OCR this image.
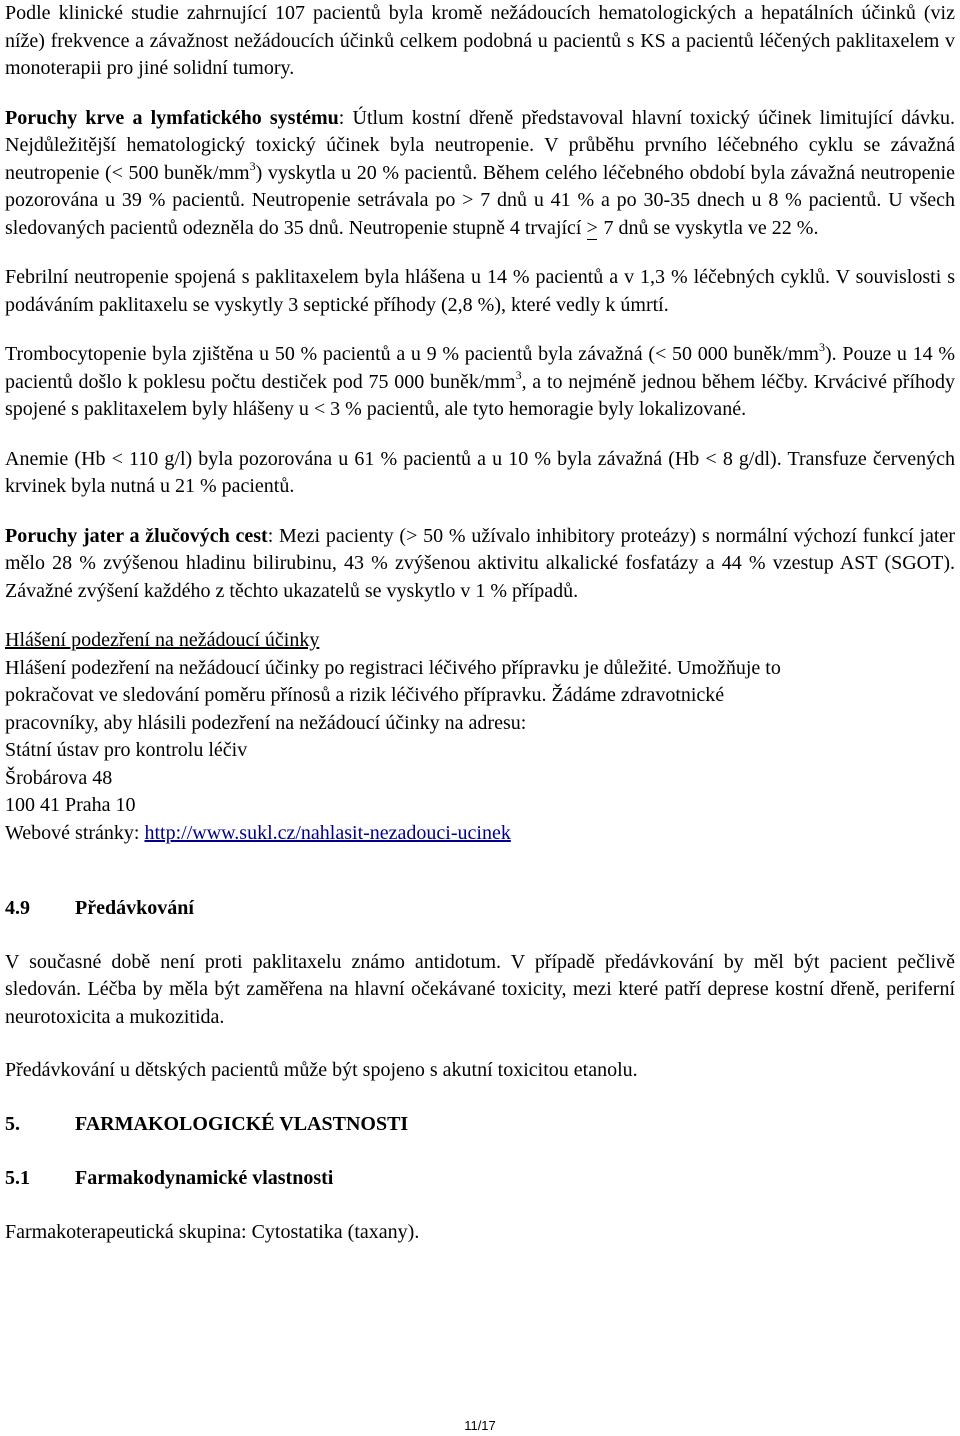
Podle klinické studie zahrnující 107 pacientů byla kromě nežádoucích hematologických a hepatálních účinků (viz níže) frekvence a závažnost nežádoucích účinků celkem podobná u pacientů s KS a pacientů léčených paklitaxelem v monoterapii pro jiné solidní tumory.

Poruchy krve a lymfatického systému: Útlum kostní dřeně představoval hlavní toxický účinek limitující dávku. Nejdůležitější hematologický toxický účinek byla neutropenie. V průběhu prvního léčebného cyklu se závažná neutropenie (< 500 buněk/$mm^3$) vyskytla u 20 % pacientů. Během celého léčebného období byla závažná neutropenie pozorována u 39 % pacientů. Neutropenie setrávala po > 7 dnů u 41 % a po 30-35 dnech u 8 % pacientů. U všech sledovaných pacientů odezněla do 35 dnů. Neutropenie stupně 4 trvající > 7 dnů se vyskytla ve 22 %.

Febrilní neutropenie spojená s paklitaxelem byla hlášena u 14 % pacientů a v 1,3 % léčebných cyklů. V souvislosti s podáváním paklitaxelu se vyskytly 3 septické příhody (2,8 %), které vedly k úmrtí.

Trombocytopenie byla zjištěna u 50 % pacientů a u 9 % pacientů byla závažná (< 50 000 buněk/$mm^3$). Pouze u 14 % pacientů došlo k poklesu počtu destiček pod 75 000 buněk/$mm^3$, a to nejméně jednou během léčby. Krvácivé příhody spojené s paklitaxelem byly hlášeny u < 3 % pacientů, ale tyto hemoragie byly lokalizované.

Anemie (Hb < 110 g/l) byla pozorována u 61 % pacientů a u 10 % byla závažná (Hb < 8 g/dl). Transfuze červených krvinek byla nutná u 21 % pacientů.

Poruchy jater a žlučových cest: Mezi pacienty (> 50 % užívalo inhibitory proteázy) s normální výchozí funkcí jater mělo 28 % zvýšenou hladinu bilirubinu, 43 % zvýšenou aktivitu alkalické fosfatázy a 44 % vzestup AST (SGOT). Závažné zvýšení každého z těchto ukazatelů se vyskytlo v 1 % případů.

Hlášení podezření na nežádoucí účinky
Hlášení podezření na nežádoucí účinky po registraci léčivého přípravku je důležité. Umožňuje to
pokračovat ve sledování poměru přínosů a rizik léčivého přípravku. Žádáme zdravotnické
pracovníky, aby hlásili podezření na nežádoucí účinky na adresu:
Státní ústav pro kontrolu léčiv
Šrobárova 48
100 41 Praha 10
Webové stránky: http://www.sukl.cz/nahlasit-nezadouci-ucinek
4.9	Předávkování

V současné době není proti paklitaxelu známo antidotum. V případě předávkování by měl být pacient pečlivě sledován. Léčba by měla být zaměřena na hlavní očekávané toxicity, mezi které patří deprese kostní dřeně, periferní neurotoxicita a mukozitida.

Předávkování u dětských pacientů může být spojeno s akutní toxicitou etanolu.

5.	FARMAKOLOGICKÉ VLASTNOSTI
5.1	Farmakodynamické vlastnosti

Farmakoterapeutická skupina: Cytostatika (taxany).

11/17
